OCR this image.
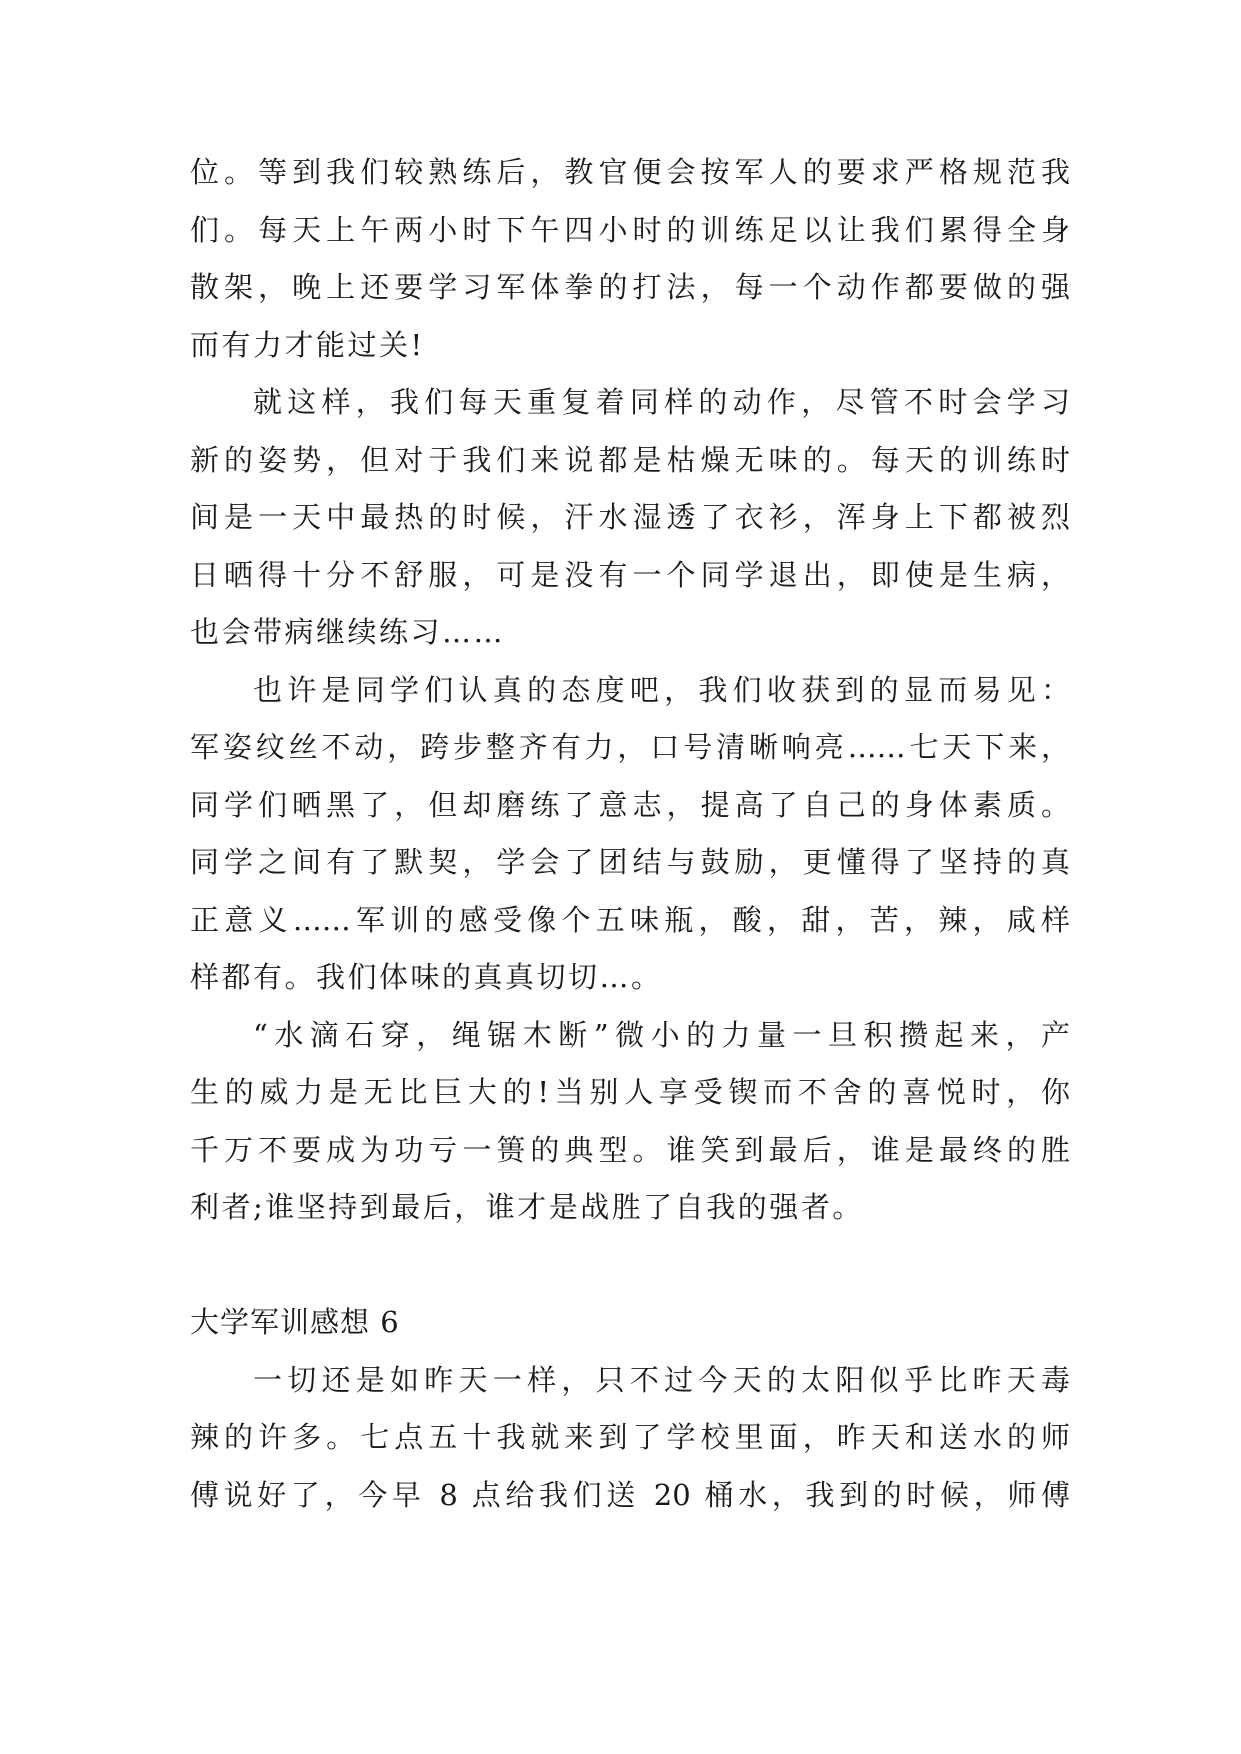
位。等到我们较熟练后，教官便会按军人的要求严格规范我
们。每天上午两小时下午四小时的训练足以让我们累得全身
散架，晚上还要学习军体拳的打法，每一个动作都要做的强
而有力才能过关!
就这样，我们每天重复着同样的动作，尽管不时会学习
新的姿势，但对于我们来说都是枯燥无味的。每天的训练时
间是一天中最热的时候，汗水湿透了衣衫，浑身上下都被烈
日晒得十分不舒服，可是没有一个同学退出，即使是生病，
也会带病继续练习……
也许是同学们认真的态度吧，我们收获到的显而易见：
军姿纹丝不动，跨步整齐有力，口号清晰响亮……七天下来，
同学们晒黑了，但却磨练了意志，提高了自己的身体素质。
同学之间有了默契，学会了团结与鼓励，更懂得了坚持的真
正意义……军训的感受像个五味瓶，酸，甜，苦，辣，咸样
样都有。我们体味的真真切切…。
“水滴石穿，绳锯木断”微小的力量一旦积攒起来，产
生的威力是无比巨大的!当别人享受锲而不舍的喜悦时，你
千万不要成为功亏一篑的典型。谁笑到最后，谁是最终的胜
利者;谁坚持到最后，谁才是战胜了自我的强者。
大学军训感想 6
一切还是如昨天一样，只不过今天的太阳似乎比昨天毒
辣的许多。七点五十我就来到了学校里面，昨天和送水的师
傅说好了，今早 8 点给我们送 20 桶水，我到的时候，师傅
